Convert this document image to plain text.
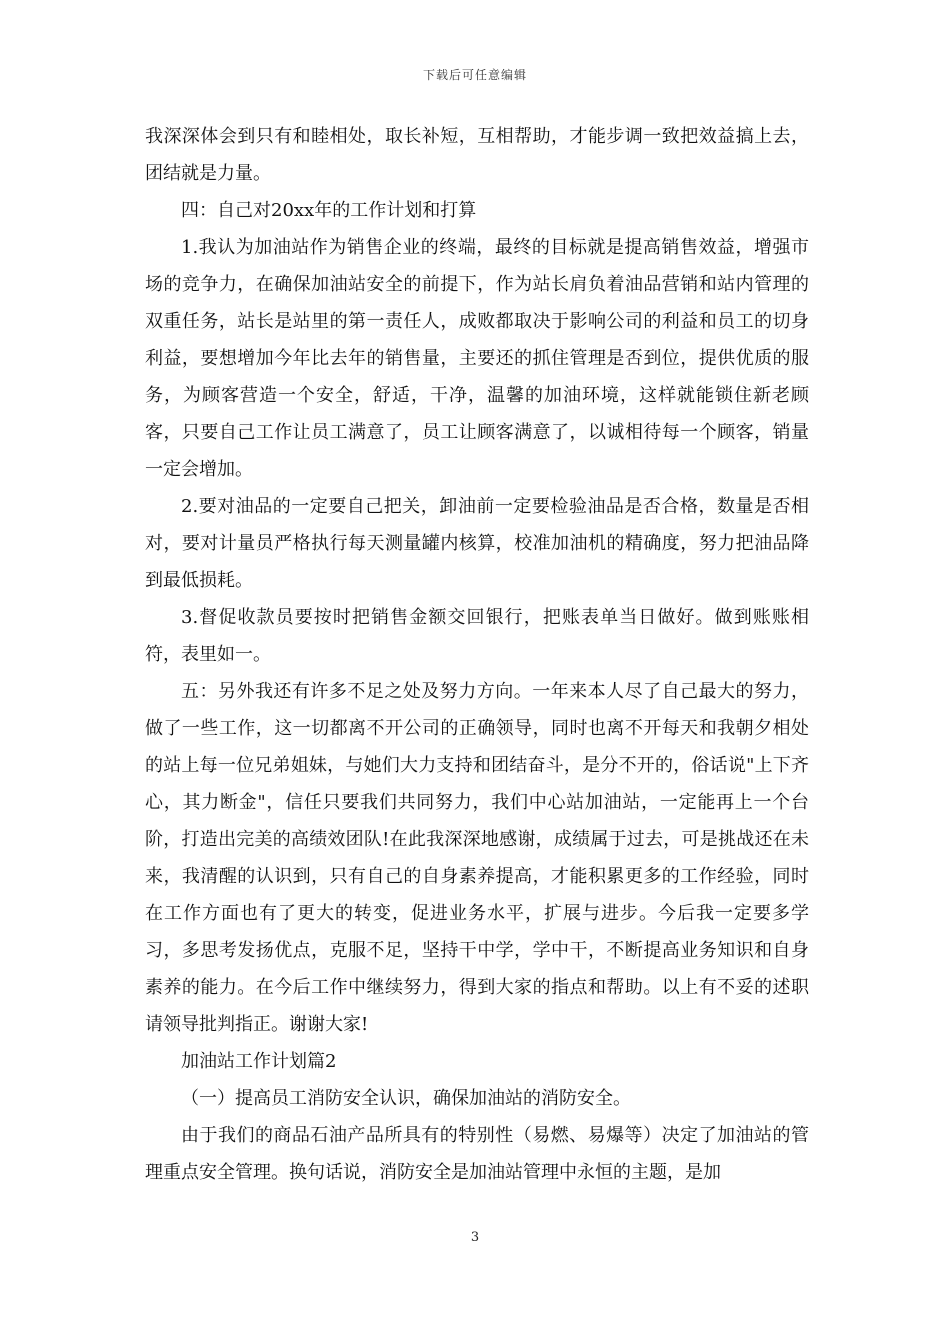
下载后可任意编辑

我深深体会到只有和睦相处，取长补短，互相帮助，才能步调一致把效益搞上去，团结就是力量。

四：自己对20xx年的工作计划和打算

1.我认为加油站作为销售企业的终端，最终的目标就是提高销售效益，增强市场的竞争力，在确保加油站安全的前提下，作为站长肩负着油品营销和站内管理的双重任务，站长是站里的第一责任人，成败都取决于影响公司的利益和员工的切身利益，要想增加今年比去年的销售量，主要还的抓住管理是否到位，提供优质的服务，为顾客营造一个安全，舒适，干净，温馨的加油环境，这样就能锁住新老顾客，只要自己工作让员工满意了，员工让顾客满意了，以诚相待每一个顾客，销量一定会增加。

2.要对油品的一定要自己把关，卸油前一定要检验油品是否合格，数量是否相对，要对计量员严格执行每天测量罐内核算，校准加油机的精确度，努力把油品降到最低损耗。

3.督促收款员要按时把销售金额交回银行，把账表单当日做好。做到账账相符，表里如一。

五：另外我还有许多不足之处及努力方向。一年来本人尽了自己最大的努力，做了一些工作，这一切都离不开公司的正确领导，同时也离不开每天和我朝夕相处的站上每一位兄弟姐妹，与她们大力支持和团结奋斗，是分不开的，俗话说"上下齐心，其力断金"，信任只要我们共同努力，我们中心站加油站，一定能再上一个台阶，打造出完美的高绩效团队!在此我深深地感谢，成绩属于过去，可是挑战还在未来，我清醒的认识到，只有自己的自身素养提高，才能积累更多的工作经验，同时在工作方面也有了更大的转变，促进业务水平，扩展与进步。今后我一定要多学习，多思考发扬优点，克服不足，坚持干中学，学中干，不断提高业务知识和自身素养的能力。在今后工作中继续努力，得到大家的指点和帮助。以上有不妥的述职请领导批判指正。谢谢大家!

加油站工作计划篇2

（一）提高员工消防安全认识，确保加油站的消防安全。

由于我们的商品石油产品所具有的特别性（易燃、易爆等）决定了加油站的管理重点安全管理。换句话说，消防安全是加油站管理中永恒的主题，是加

3
